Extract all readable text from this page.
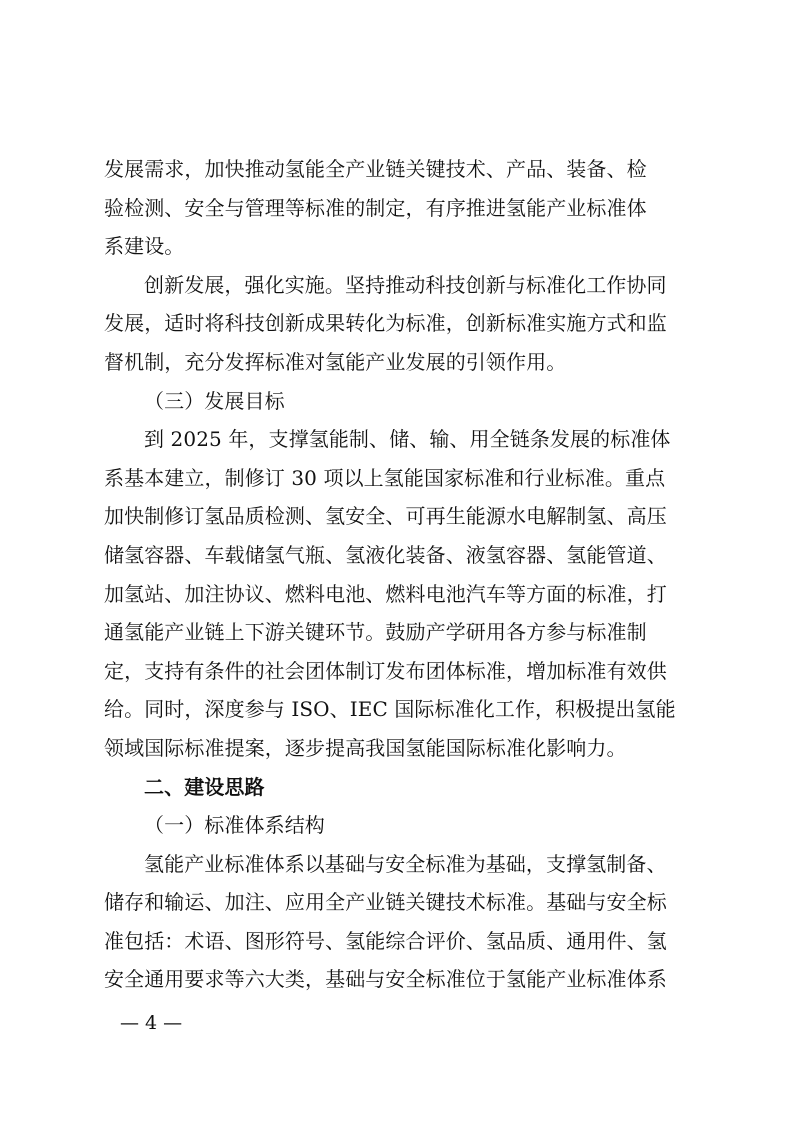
发展需求，加快推动氢能全产业链关键技术、产品、装备、检
验检测、安全与管理等标准的制定，有序推进氢能产业标准体
系建设。
创新发展，强化实施。坚持推动科技创新与标准化工作协同
发展，适时将科技创新成果转化为标准，创新标准实施方式和监
督机制，充分发挥标准对氢能产业发展的引领作用。
（三）发展目标
到 2025 年，支撑氢能制、储、输、用全链条发展的标准体
系基本建立，制修订 30 项以上氢能国家标准和行业标准。重点
加快制修订氢品质检测、氢安全、可再生能源水电解制氢、高压
储氢容器、车载储氢气瓶、氢液化装备、液氢容器、氢能管道、
加氢站、加注协议、燃料电池、燃料电池汽车等方面的标准，打
通氢能产业链上下游关键环节。鼓励产学研用各方参与标准制
定，支持有条件的社会团体制订发布团体标准，增加标准有效供
给。同时，深度参与 ISO、IEC 国际标准化工作，积极提出氢能
领域国际标准提案，逐步提高我国氢能国际标准化影响力。
二、建设思路
（一）标准体系结构
氢能产业标准体系以基础与安全标准为基础，支撑氢制备、
储存和输运、加注、应用全产业链关键技术标准。基础与安全标
准包括：术语、图形符号、氢能综合评价、氢品质、通用件、氢
安全通用要求等六大类，基础与安全标准位于氢能产业标准体系
— 4 —
